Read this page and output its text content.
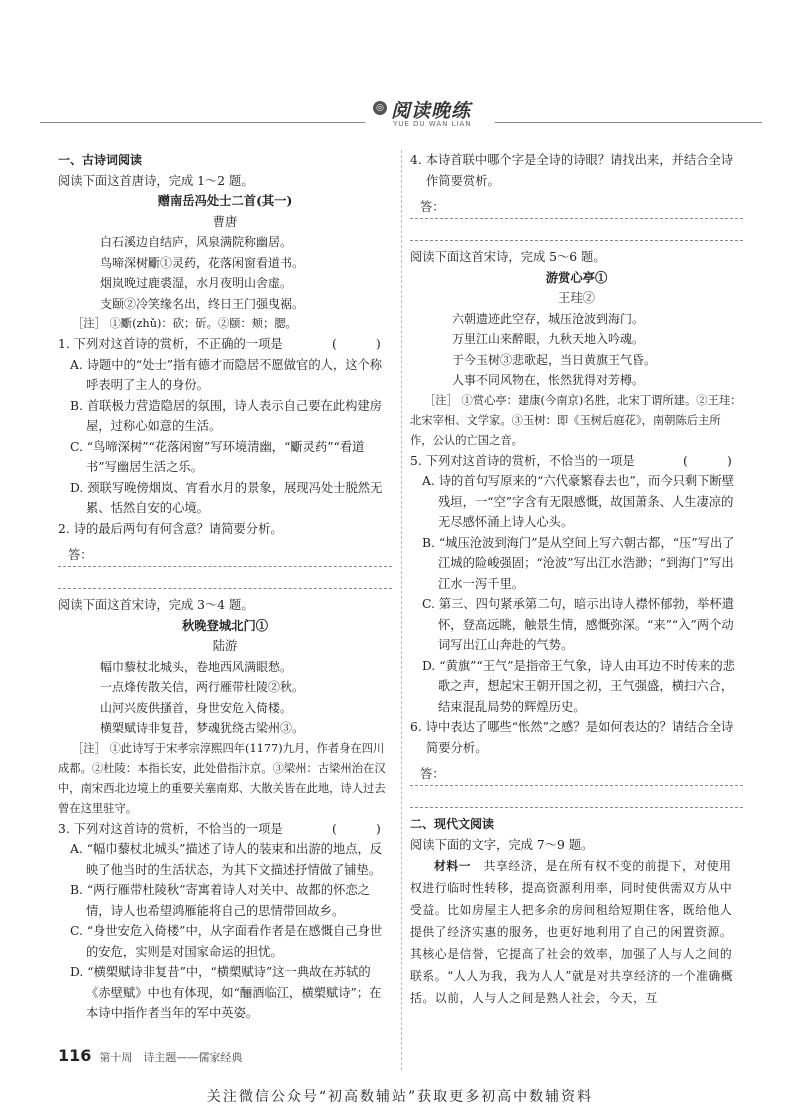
◎ 阅读晚练
YUE DU WAN LIAN
一、古诗词阅读
阅读下面这首唐诗，完成 1～2 题。
赠南岳冯处士二首(其一)
曹唐
白石溪边自结庐，风泉满院称幽居。
鸟啼深树斸①灵药，花落闲窗看道书。
烟岚晚过鹿裘湿，水月夜明山舍虚。
支颐②冷笑缘名出，终日王门强曳裾。
［注］ ①斸(zhǔ)：砍；斫。②颐：颊；腮。
1. 下列对这首诗的赏析，不正确的一项是
( )
A. 诗题中的“处士”指有德才而隐居不愿做官的人，这个称呼表明了主人的身份。
B. 首联极力营造隐居的氛围，诗人表示自己要在此构建房屋，过称心如意的生活。
C. “鸟啼深树”“花落闲窗”写环境清幽，“斸灵药”“看道书”写幽居生活之乐。
D. 颈联写晚傍烟岚、宵看水月的景象，展现冯处士脱然无累、恬然自安的心境。
2. 诗的最后两句有何含意？请简要分析。
答：
阅读下面这首宋诗，完成 3～4 题。
秋晚登城北门①
陆游
幅巾藜杖北城头，卷地西风满眼愁。
一点烽传散关信，两行雁带杜陵②秋。
山河兴废供搔首，身世安危入倚楼。
横槊赋诗非复昔，梦魂犹绕古梁州③。
［注］ ①此诗写于宋孝宗淳熙四年(1177)九月，作者身在四川成都。②杜陵：本指长安，此处借指汴京。③梁州：古梁州治在汉中，南宋西北边境上的重要关塞南郑、大散关皆在此地，诗人过去曾在这里驻守。
3. 下列对这首诗的赏析，不恰当的一项是
( )
A. “幅巾藜杖北城头”描述了诗人的装束和出游的地点，反映了他当时的生活状态，为其下文描述抒情做了铺垫。
B. “两行雁带杜陵秋”寄寓着诗人对关中、故都的怀恋之情，诗人也希望鸿雁能将自己的思情带回故乡。
C. “身世安危入倚楼”中，从字面看作者是在感慨自己身世的安危，实则是对国家命运的担忧。
D. “横槊赋诗非复昔”中，“横槊赋诗”这一典故在苏轼的《赤壁赋》中也有体现，如“酾酒临江，横槊赋诗”；在本诗中指作者当年的军中英姿。
4. 本诗首联中哪个字是全诗的诗眼？请找出来，并结合全诗作简要赏析。
答：
阅读下面这首宋诗，完成 5～6 题。
游赏心亭①
王珪②
六朝遗迹此空存，城压沧波到海门。
万里江山来醉眼，九秋天地入吟魂。
于今玉树③悲歌起，当日黄旗王气昏。
人事不同风物在，怅然犹得对芳樽。
［注］ ①赏心亭：建康(今南京)名胜，北宋丁谓所建。②王珪：北宋宰相、文学家。③玉树：即《玉树后庭花》，南朝陈后主所作，公认的亡国之音。
5. 下列对这首诗的赏析，不恰当的一项是
( )
A. 诗的首句写原来的“六代豪繁春去也”，而今只剩下断壁残垣，一“空”字含有无限感慨，故国萧条、人生凄凉的无尽感怀涌上诗人心头。
B. “城压沧波到海门”是从空间上写六朝古都，“压”写出了江城的险峻强固；“沧波”写出江水浩渺；“到海门”写出江水一泻千里。
C. 第三、四句紧承第二句，暗示出诗人襟怀郁勃，举杯遣怀，登高远眺，触景生情，感慨弥深。“来”“入”两个动词写出江山奔赴的气势。
D. “黄旗”“王气”是指帝王气象，诗人由耳边不时传来的悲歌之声，想起宋王朝开国之初，王气强盛，横扫六合，结束混乱局势的辉煌历史。
6. 诗中表达了哪些“怅然”之感？是如何表达的？请结合全诗简要分析。
答：
二、现代文阅读
阅读下面的文字，完成 7～9 题。
材料一　 共享经济，是在所有权不变的前提下，对使用权进行临时性转移，提高资源利用率，同时使供需双方从中受益。比如房屋主人把多余的房间租给短期住客，既给他人提供了经济实惠的服务，也更好地利用了自己的闲置资源。其核心是信誉，它提高了社会的效率，加强了人与人之间的联系。“人人为我，我为人人”就是对共享经济的一个准确概括。以前，人与人之间是熟人社会，今天，互
116 第十周　诗主题——儒家经典
关注微信公众号“初高数辅站”获取更多初高中数辅资料
